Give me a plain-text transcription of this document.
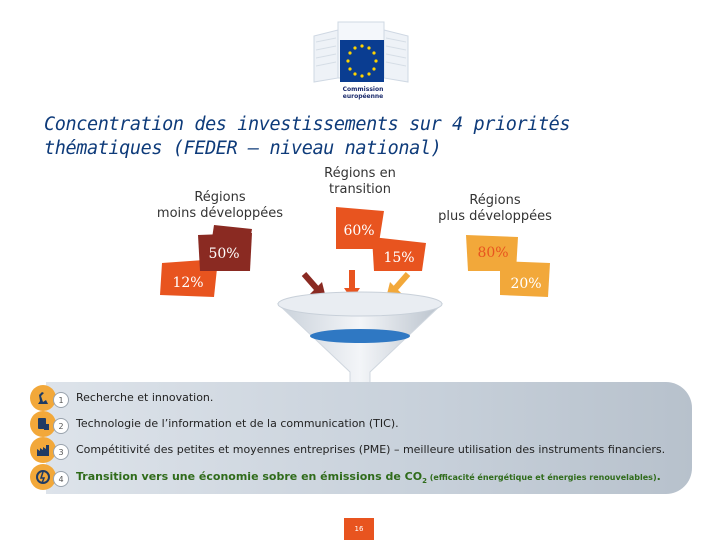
Commission
européenne
Concentration des investissements sur 4 priorités
thématiques (FEDER – niveau national)
Régions
moins développées
Régions en
transition
Régions
plus développées
50%
12%
60%
15%	80%
20%
1	Recherche et innovation.
2	Technologie de l’information et de la communication (TIC).
3	Compétitivité des petites et moyennes entreprises (PME) – meilleure utilisation des instruments financiers.
4	Transition vers une économie sobre en émissions de $CO_2$ (efficacité énergétique et énergies renouvelables).
16
